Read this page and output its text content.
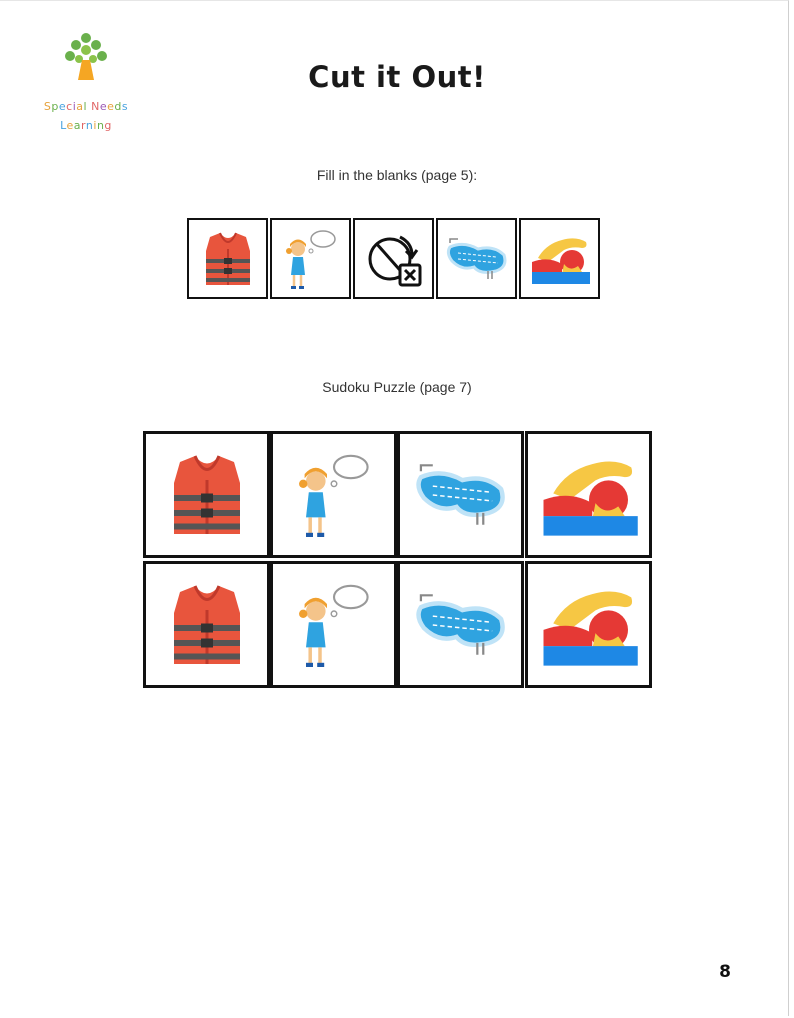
Special Needs
Learning
Cut it Out!
Fill in the blanks (page 5):
Sudoku Puzzle (page 7)
8
